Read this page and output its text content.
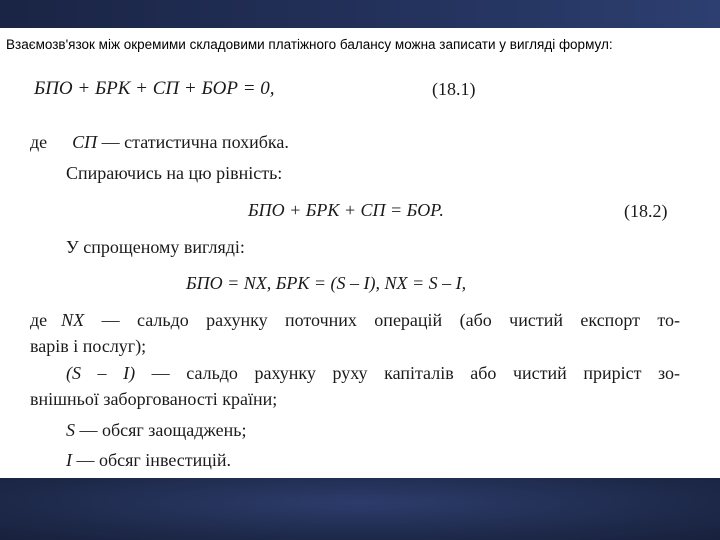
Взаємозв'язок між окремими складовими платіжного балансу можна записати у вигляді формул:
БПО + БРК + СП + БОР = 0,	(18.1)
де СП — статистична похибка.
Спираючись на цю рівність:
БПО + БРК + СП = БОР.	(18.2)
У спрощеному вигляді:
БПО = NX, БРК = (S – I), NX = S – I,
де NX — сальдо рахунку поточних операцій (або чистий експорт то-
варів і послуг);
(S – I) — сальдо рахунку руху капіталів або чистий приріст зо-
внішньої заборгованості країни;
S — обсяг заощаджень;
I — обсяг інвестицій.
